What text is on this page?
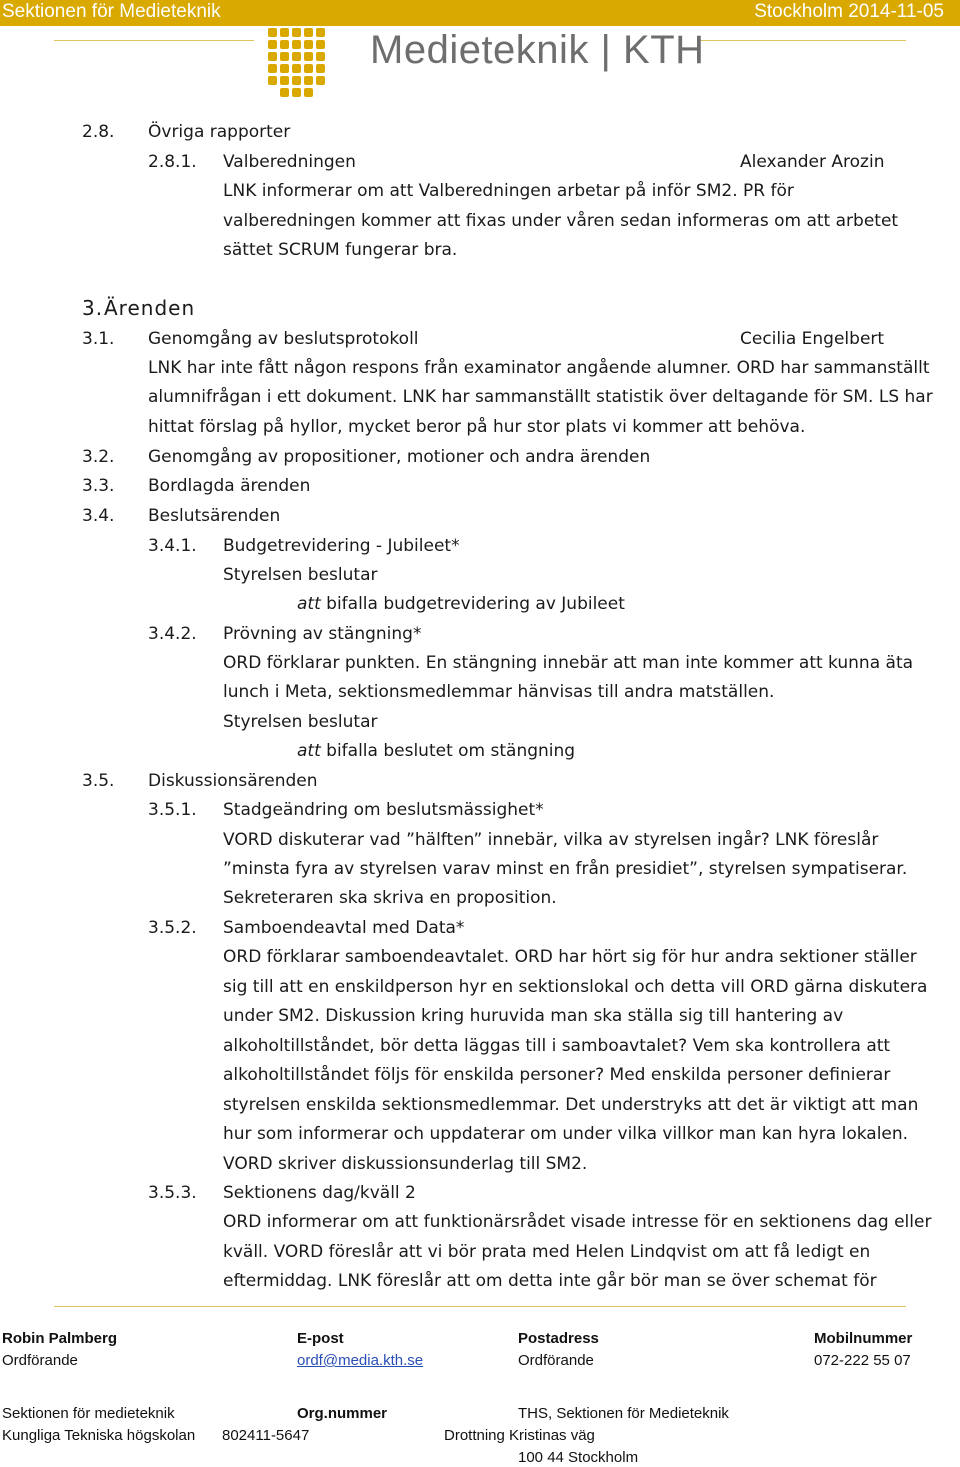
Sektionen för Medieteknik	Stockholm 2014-11-05
Medieteknik | KTH
2.8. Övriga rapporter
2.8.1. Valberedningen	Alexander Arozin
LNK informerar om att Valberedningen arbetar på inför SM2. PR för
valberedningen kommer att fixas under våren sedan informeras om att arbetet
sättet SCRUM fungerar bra.
3. Ärenden
3.1. Genomgång av beslutsprotokoll	Cecilia Engelbert
LNK har inte fått någon respons från examinator angående alumner. ORD har sammanställt
alumnifrågan i ett dokument. LNK har sammanställt statistik över deltagande för SM. LS har
hittat förslag på hyllor, mycket beror på hur stor plats vi kommer att behöva.
3.2. Genomgång av propositioner, motioner och andra ärenden
3.3. Bordlagda ärenden
3.4. Beslutsärenden
3.4.1. Budgetrevidering - Jubileet*
Styrelsen beslutar
att bifalla budgetrevidering av Jubileet
3.4.2. Prövning av stängning*
ORD förklarar punkten. En stängning innebär att man inte kommer att kunna äta
lunch i Meta, sektionsmedlemmar hänvisas till andra matställen.
Styrelsen beslutar
att bifalla beslutet om stängning
3.5. Diskussionsärenden
3.5.1. Stadgeändring om beslutsmässighet*
VORD diskuterar vad ”hälften” innebär, vilka av styrelsen ingår? LNK föreslår
”minsta fyra av styrelsen varav minst en från presidiet”, styrelsen sympatiserar.
Sekreteraren ska skriva en proposition.
3.5.2. Samboendeavtal med Data*
ORD förklarar samboendeavtalet. ORD har hört sig för hur andra sektioner ställer
sig till att en enskildperson hyr en sektionslokal och detta vill ORD gärna diskutera
under SM2. Diskussion kring huruvida man ska ställa sig till hantering av
alkoholtillståndet, bör detta läggas till i samboavtalet? Vem ska kontrollera att
alkoholtillståndet följs för enskilda personer? Med enskilda personer definierar
styrelsen enskilda sektionsmedlemmar. Det understryks att det är viktigt att man
hur som informerar och uppdaterar om under vilka villkor man kan hyra lokalen.
VORD skriver diskussionsunderlag till SM2.
3.5.3. Sektionens dag/kväll 2
ORD informerar om att funktionärsrådet visade intresse för en sektionens dag eller
kväll. VORD föreslår att vi bör prata med Helen Lindqvist om att få ledigt en
eftermiddag. LNK föreslår att om detta inte går bör man se över schemat för
Robin Palmberg
Ordförande
E-post
ordf@media.kth.se
Postadress
Ordförande
Mobilnummer
072-222 55 07
Sektionen för medieteknik
Kungliga Tekniska högskolan
Org.nummer
802411-5647
THS, Sektionen för Medieteknik
Drottning Kristinas väg
100 44 Stockholm
